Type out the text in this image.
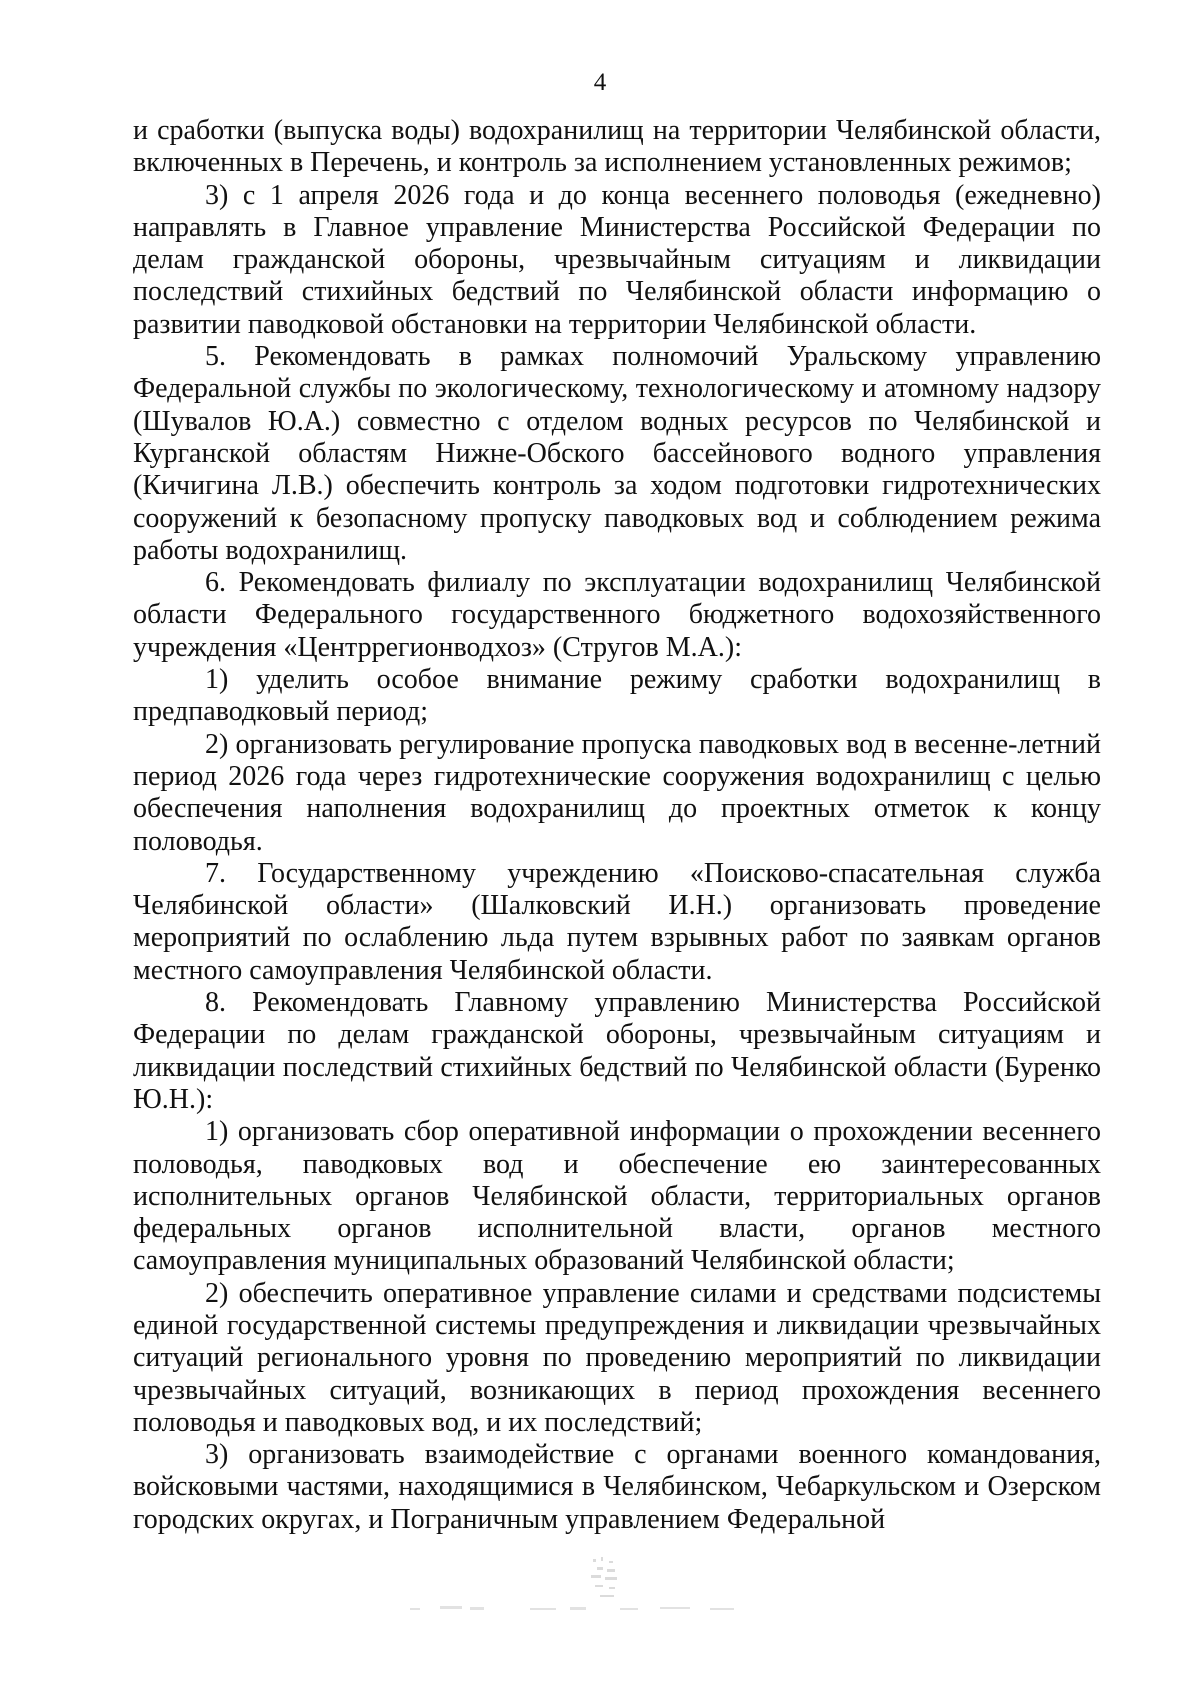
4

и сработки (выпуска воды) водохранилищ на территории Челябинской области, включенных в Перечень, и контроль за исполнением установленных режимов;

3) с 1 апреля 2026 года и до конца весеннего половодья (ежедневно) направлять в Главное управление Министерства Российской Федерации по делам гражданской обороны, чрезвычайным ситуациям и ликвидации последствий стихийных бедствий по Челябинской области информацию о развитии паводковой обстановки на территории Челябинской области.

5. Рекомендовать в рамках полномочий Уральскому управлению Федеральной службы по экологическому, технологическому и атомному надзору (Шувалов Ю.А.) совместно с отделом водных ресурсов по Челябинской и Курганской областям Нижне-Обского бассейнового водного управления (Кичигина Л.В.) обеспечить контроль за ходом подготовки гидротехнических сооружений к безопасному пропуску паводковых вод и соблюдением режима работы водохранилищ.

6. Рекомендовать филиалу по эксплуатации водохранилищ Челябинской области Федерального государственного бюджетного водохозяйственного учреждения «Центррегионводхоз» (Стругов М.А.):

1) уделить особое внимание режиму сработки водохранилищ в предпаводковый период;

2) организовать регулирование пропуска паводковых вод в весенне-летний период 2026 года через гидротехнические сооружения водохранилищ с целью обеспечения наполнения водохранилищ до проектных отметок к концу половодья.

7. Государственному учреждению «Поисково-спасательная служба Челябинской области» (Шалковский И.Н.) организовать проведение мероприятий по ослаблению льда путем взрывных работ по заявкам органов местного самоуправления Челябинской области.

8. Рекомендовать Главному управлению Министерства Российской Федерации по делам гражданской обороны, чрезвычайным ситуациям и ликвидации последствий стихийных бедствий по Челябинской области (Буренко Ю.Н.):

1) организовать сбор оперативной информации о прохождении весеннего половодья, паводковых вод и обеспечение ею заинтересованных исполнительных органов Челябинской области, территориальных органов федеральных органов исполнительной власти, органов местного самоуправления муниципальных образований Челябинской области;

2) обеспечить оперативное управление силами и средствами подсистемы единой государственной системы предупреждения и ликвидации чрезвычайных ситуаций регионального уровня по проведению мероприятий по ликвидации чрезвычайных ситуаций, возникающих в период прохождения весеннего половодья и паводковых вод, и их последствий;

3) организовать взаимодействие с органами военного командования, войсковыми частями, находящимися в Челябинском, Чебаркульском и Озерском городских округах, и Пограничным управлением Федеральной
